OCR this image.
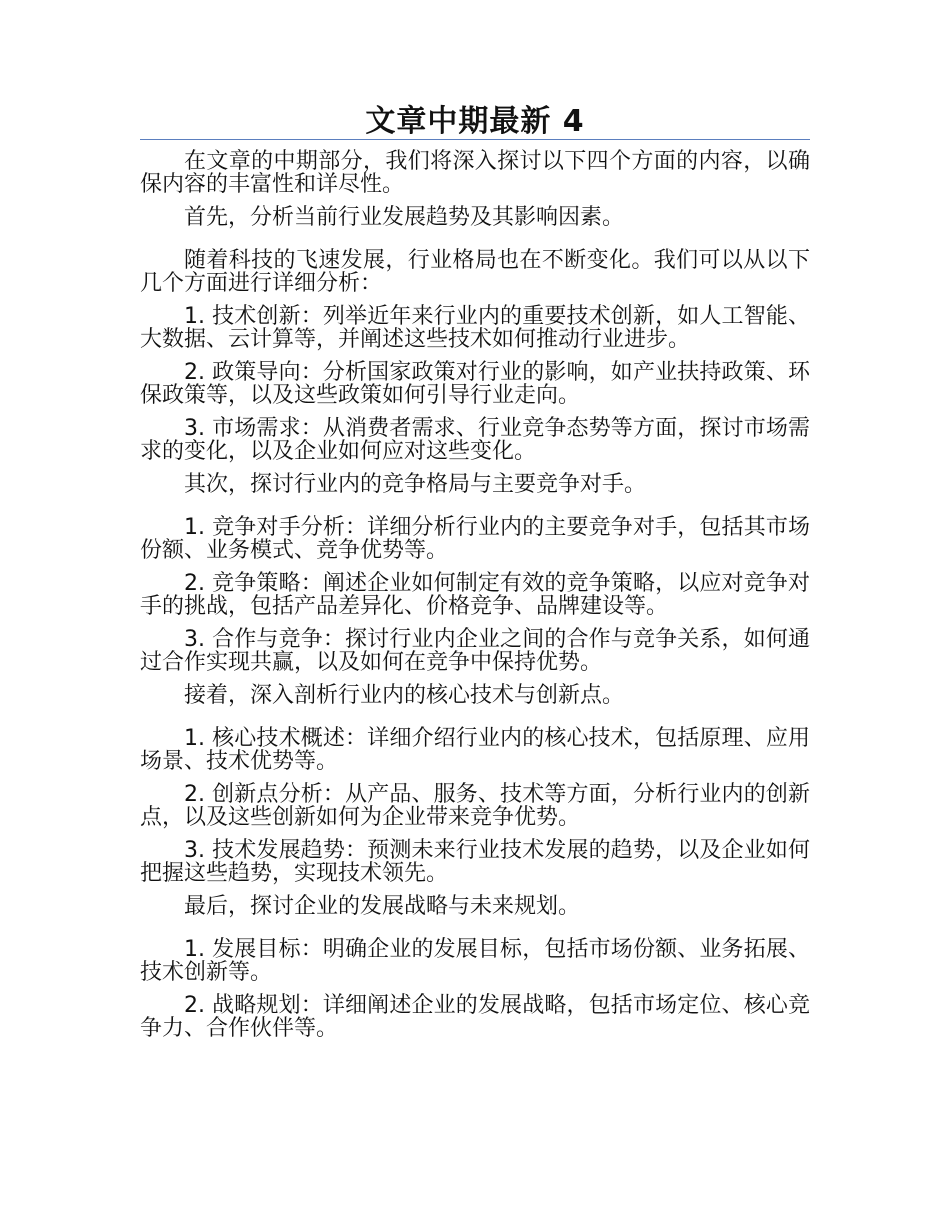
文章中期最新 4

在文章的中期部分，我们将深入探讨以下四个方面的内容，以确保内容的丰富性和详尽性。

首先，分析当前行业发展趋势及其影响因素。

随着科技的飞速发展，行业格局也在不断变化。我们可以从以下几个方面进行详细分析：

1. 技术创新：列举近年来行业内的重要技术创新，如人工智能、大数据、云计算等，并阐述这些技术如何推动行业进步。

2. 政策导向：分析国家政策对行业的影响，如产业扶持政策、环保政策等，以及这些政策如何引导行业走向。

3. 市场需求：从消费者需求、行业竞争态势等方面，探讨市场需求的变化，以及企业如何应对这些变化。

其次，探讨行业内的竞争格局与主要竞争对手。

1. 竞争对手分析：详细分析行业内的主要竞争对手，包括其市场份额、业务模式、竞争优势等。

2. 竞争策略：阐述企业如何制定有效的竞争策略，以应对竞争对手的挑战，包括产品差异化、价格竞争、品牌建设等。

3. 合作与竞争：探讨行业内企业之间的合作与竞争关系，如何通过合作实现共赢，以及如何在竞争中保持优势。

接着，深入剖析行业内的核心技术与创新点。

1. 核心技术概述：详细介绍行业内的核心技术，包括原理、应用场景、技术优势等。

2. 创新点分析：从产品、服务、技术等方面，分析行业内的创新点，以及这些创新如何为企业带来竞争优势。

3. 技术发展趋势：预测未来行业技术发展的趋势，以及企业如何把握这些趋势，实现技术领先。

最后，探讨企业的发展战略与未来规划。

1. 发展目标：明确企业的发展目标，包括市场份额、业务拓展、技术创新等。

2. 战略规划：详细阐述企业的发展战略，包括市场定位、核心竞争力、合作伙伴等。
